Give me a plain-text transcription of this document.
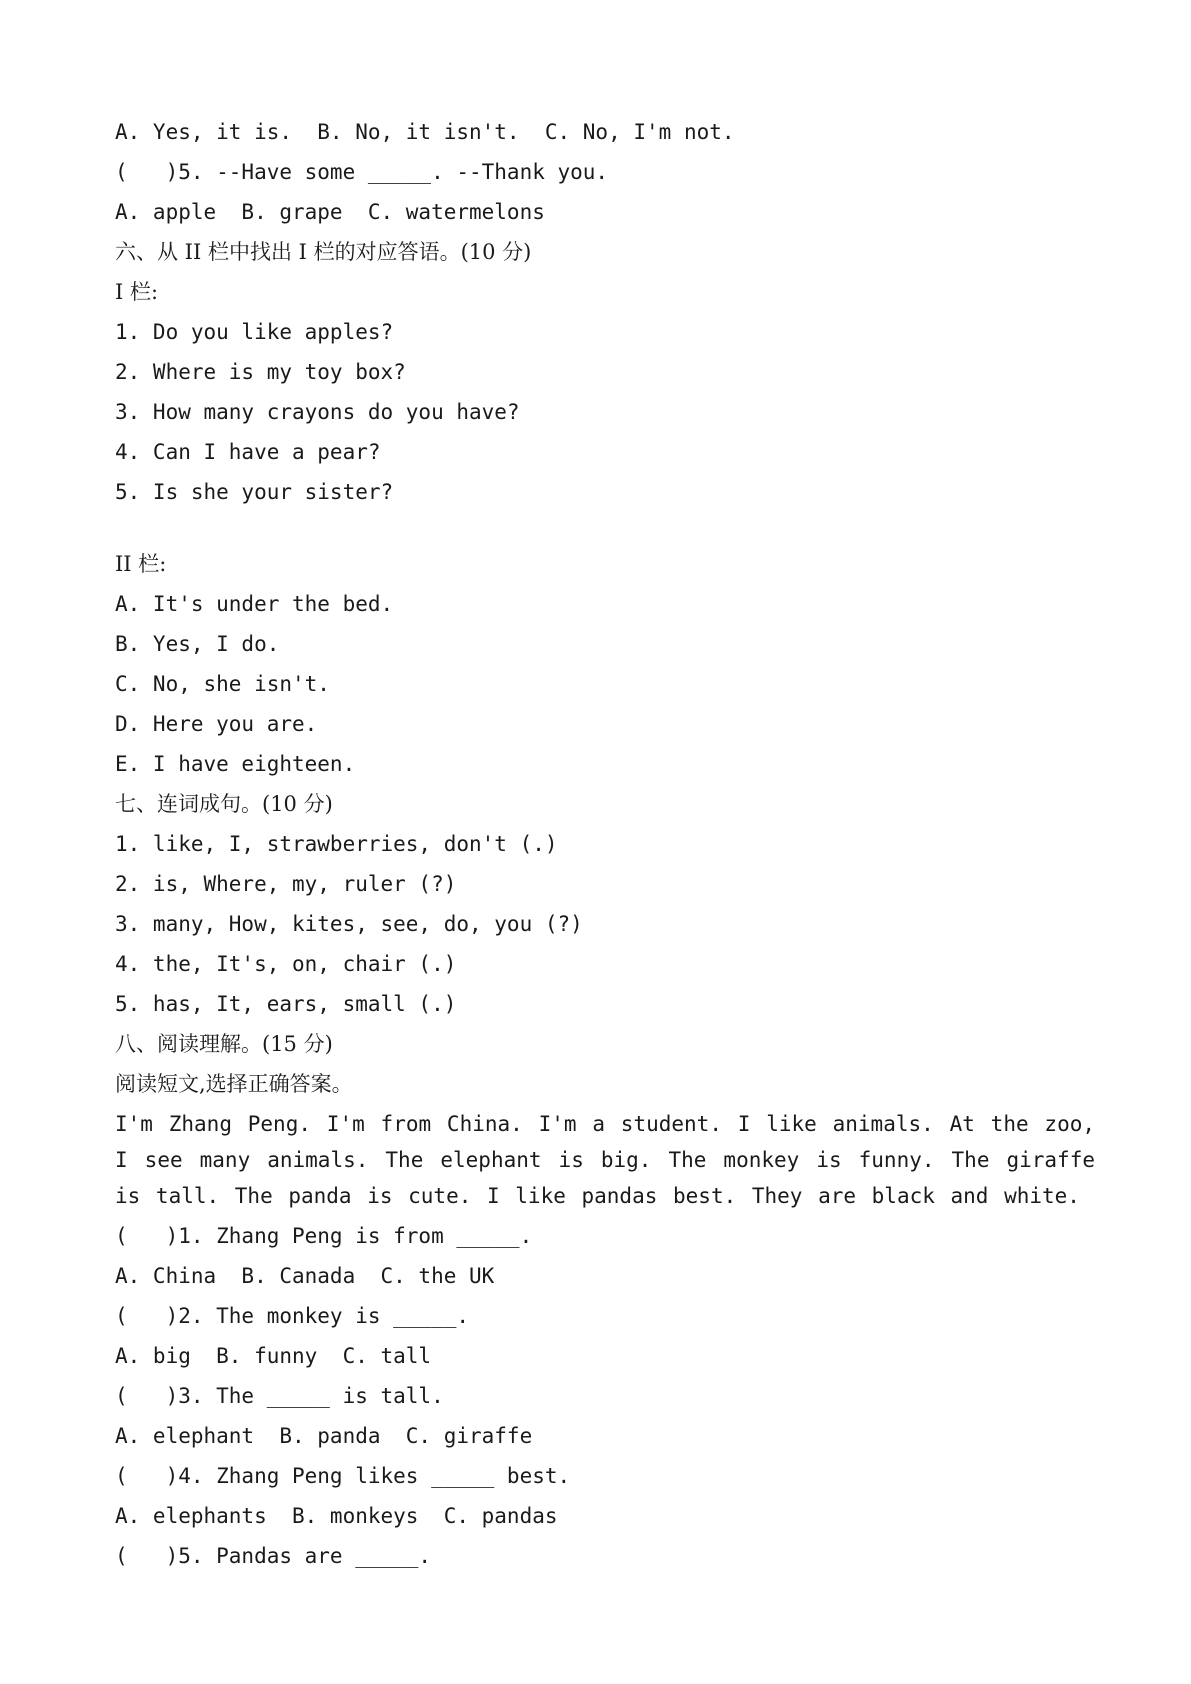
A. Yes, it is.  B. No, it isn't.  C. No, I'm not.
(   )5. --Have some _____. --Thank you.
A. apple  B. grape  C. watermelons
六、从 II 栏中找出 I 栏的对应答语。(10 分)
I 栏:
1. Do you like apples?
2. Where is my toy box?
3. How many crayons do you have?
4. Can I have a pear?
5. Is she your sister?
II 栏:
A. It's under the bed.
B. Yes, I do.
C. No, she isn't.
D. Here you are.
E. I have eighteen.
七、连词成句。(10 分)
1. like, I, strawberries, don't (.)
2. is, Where, my, ruler (?)
3. many, How, kites, see, do, you (?)
4. the, It's, on, chair (.)
5. has, It, ears, small (.)
八、阅读理解。(15 分)
阅读短文,选择正确答案。
I'm Zhang Peng. I'm from China. I'm a student. I like animals. At the zoo, I see many animals. The elephant is big. The monkey is funny. The giraffe is tall. The panda is cute. I like pandas best. They are black and white.
(   )1. Zhang Peng is from _____.
A. China  B. Canada  C. the UK
(   )2. The monkey is _____.
A. big  B. funny  C. tall
(   )3. The _____ is tall.
A. elephant  B. panda  C. giraffe
(   )4. Zhang Peng likes _____ best.
A. elephants  B. monkeys  C. pandas
(   )5. Pandas are _____.
